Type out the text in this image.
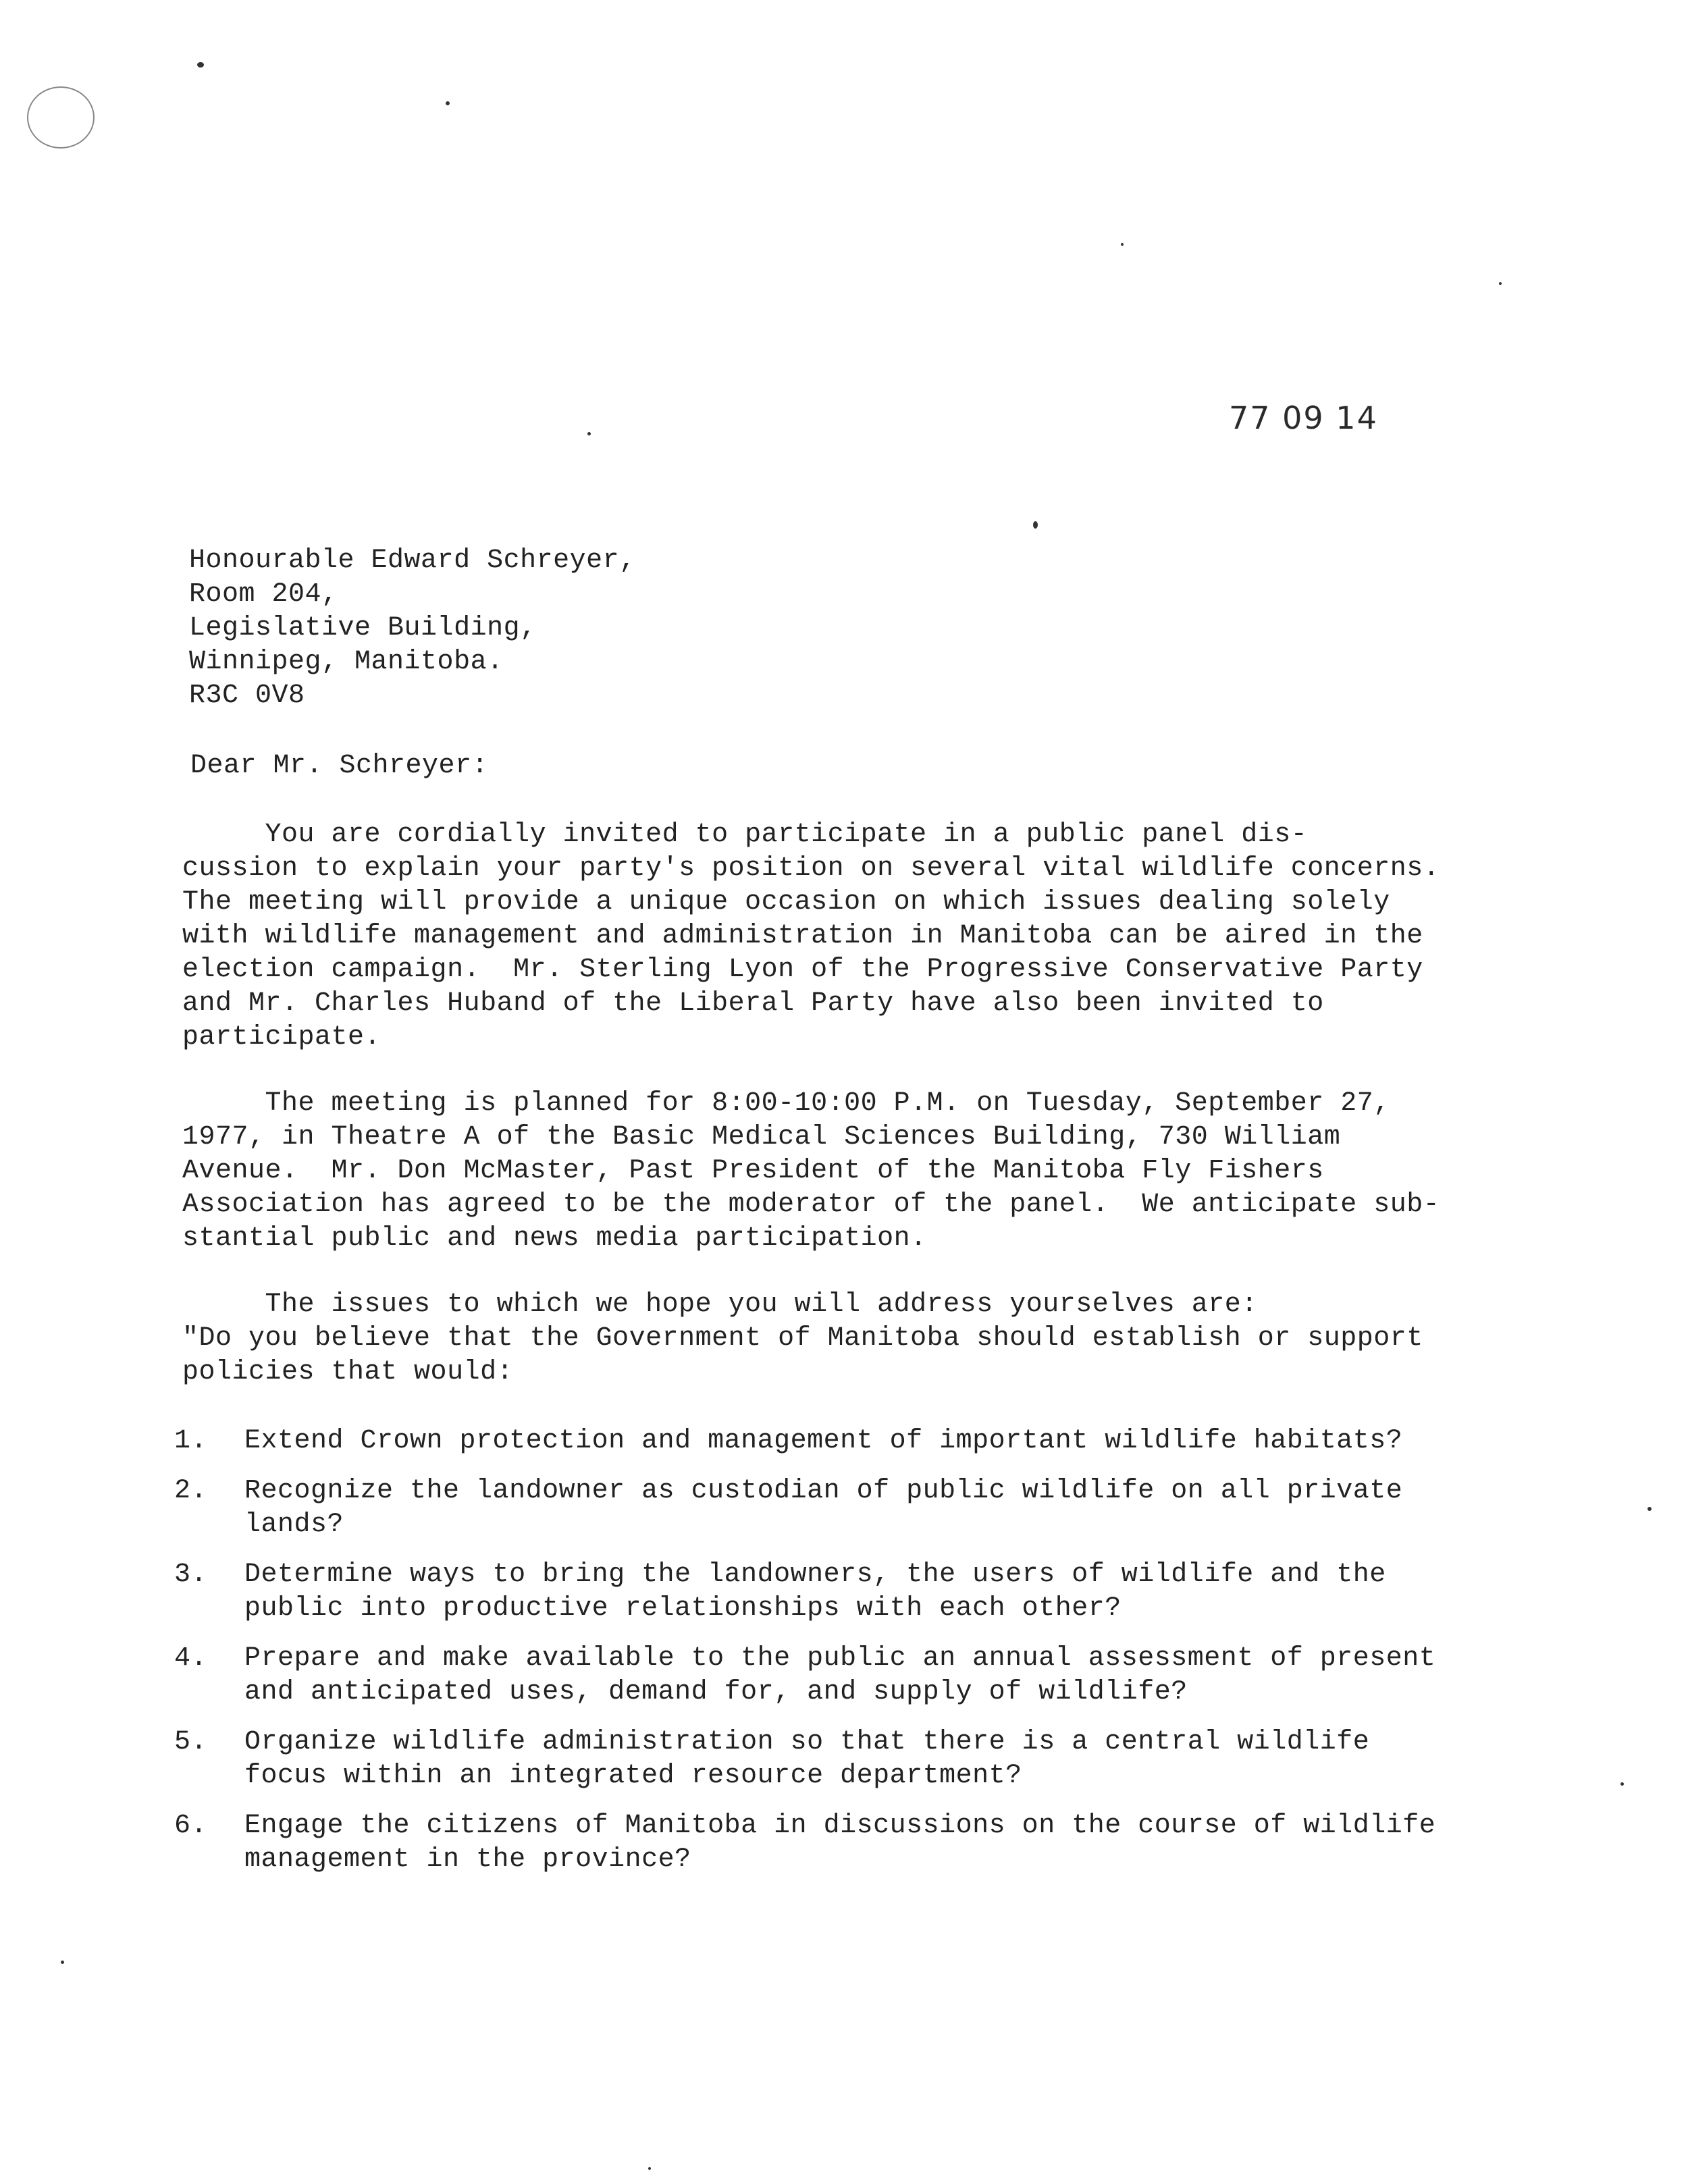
77 09 14
Honourable Edward Schreyer,
Room 204,
Legislative Building,
Winnipeg, Manitoba.
R3C 0V8
Dear Mr. Schreyer:
You are cordially invited to participate in a public panel dis-
cussion to explain your party's position on several vital wildlife concerns.
The meeting will provide a unique occasion on which issues dealing solely
with wildlife management and administration in Manitoba can be aired in the
election campaign.  Mr. Sterling Lyon of the Progressive Conservative Party
and Mr. Charles Huband of the Liberal Party have also been invited to
participate.
The meeting is planned for 8:00-10:00 P.M. on Tuesday, September 27,
1977, in Theatre A of the Basic Medical Sciences Building, 730 William
Avenue.  Mr. Don McMaster, Past President of the Manitoba Fly Fishers
Association has agreed to be the moderator of the panel.  We anticipate sub-
stantial public and news media participation.
The issues to which we hope you will address yourselves are:
"Do you believe that the Government of Manitoba should establish or support
policies that would:
1.	Extend Crown protection and management of important wildlife habitats?
2.	Recognize the landowner as custodian of public wildlife on all private
lands?
3.	Determine ways to bring the landowners, the users of wildlife and the
public into productive relationships with each other?
4.	Prepare and make available to the public an annual assessment of present
and anticipated uses, demand for, and supply of wildlife?
5.	Organize wildlife administration so that there is a central wildlife
focus within an integrated resource department?
6.	Engage the citizens of Manitoba in discussions on the course of wildlife
management in the province?
